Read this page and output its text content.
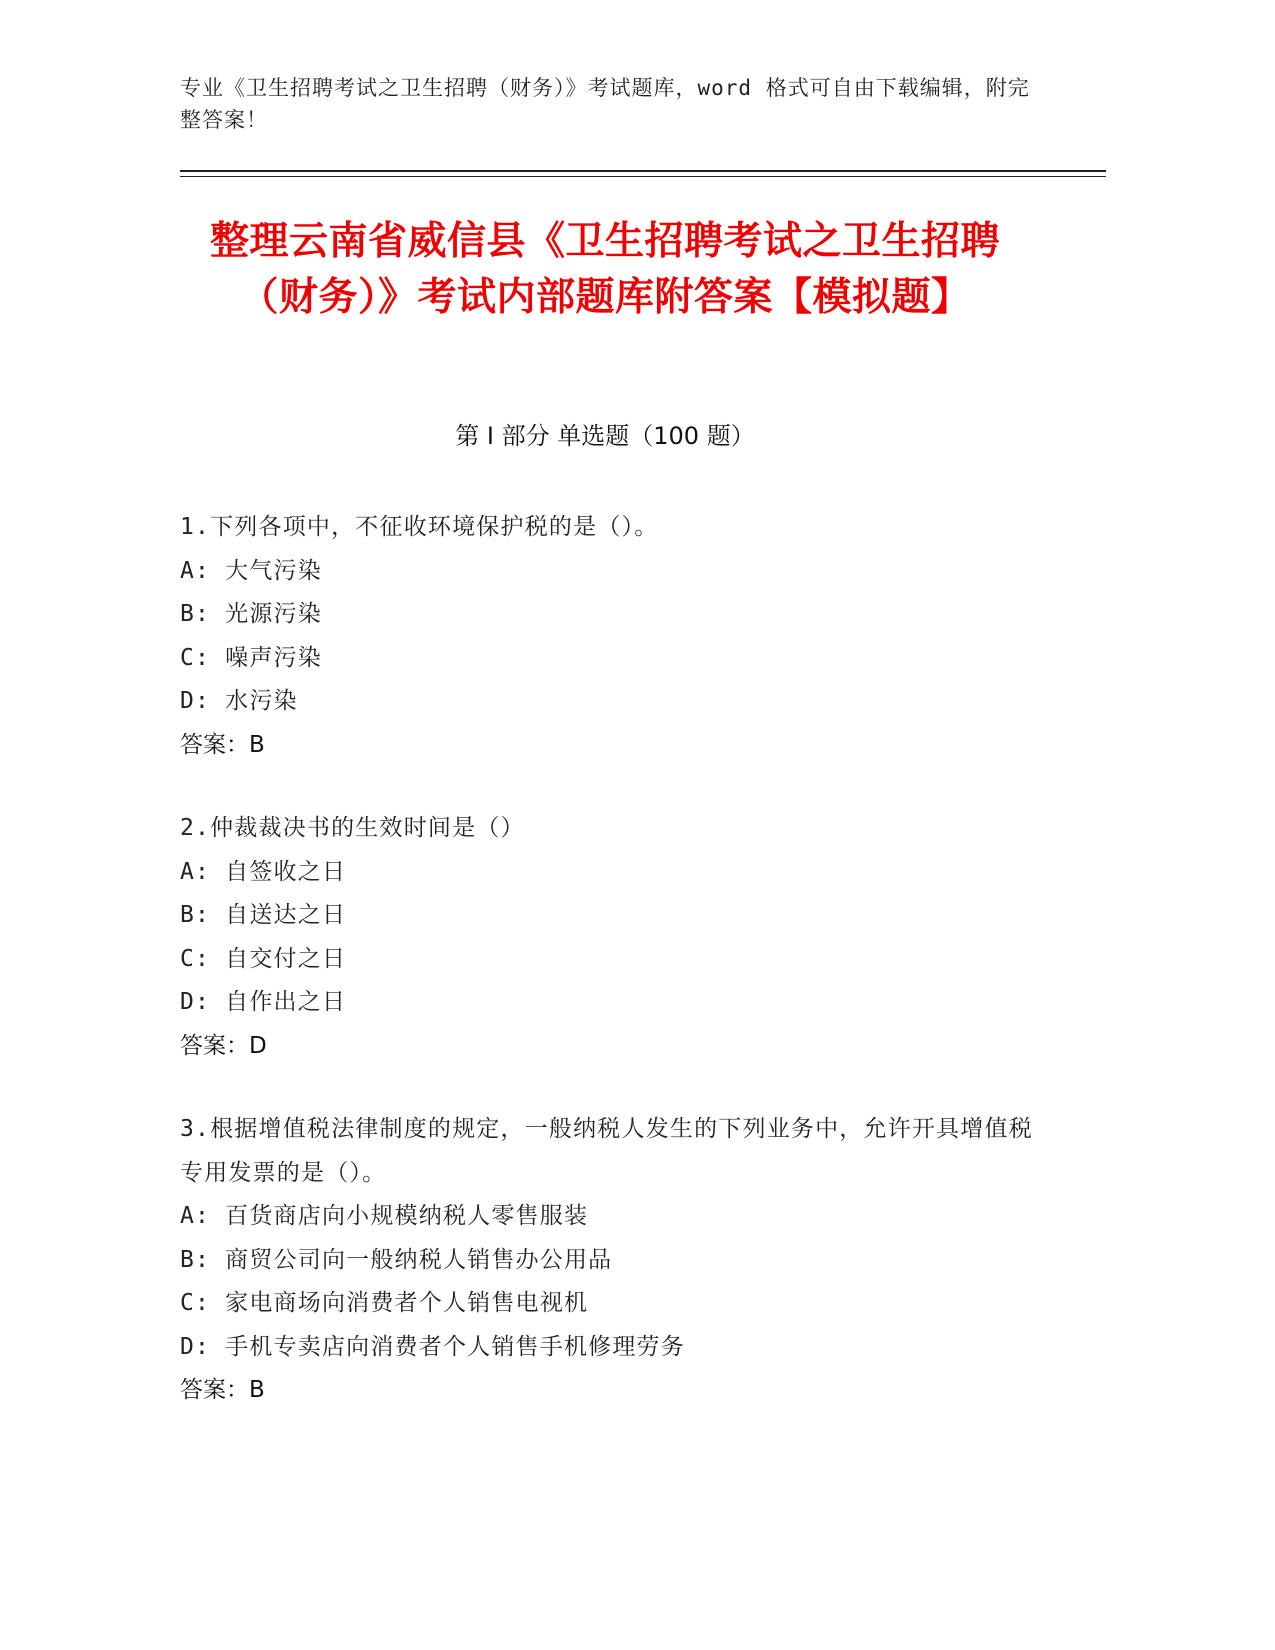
专业《卫生招聘考试之卫生招聘（财务）》考试题库，word 格式可自由下载编辑，附完整答案！
整理云南省威信县《卫生招聘考试之卫生招聘（财务）》考试内部题库附答案【模拟题】
第 I 部分 单选题（100 题）

1.下列各项中，不征收环境保护税的是（）。

A: 大气污染

B: 光源污染

C: 噪声污染

D: 水污染

答案：B

2.仲裁裁决书的生效时间是（）

A: 自签收之日

B: 自送达之日

C: 自交付之日

D: 自作出之日

答案：D

3.根据增值税法律制度的规定，一般纳税人发生的下列业务中，允许开具增值税专用发票的是（）。

A: 百货商店向小规模纳税人零售服装

B: 商贸公司向一般纳税人销售办公用品

C: 家电商场向消费者个人销售电视机

D: 手机专卖店向消费者个人销售手机修理劳务

答案：B
